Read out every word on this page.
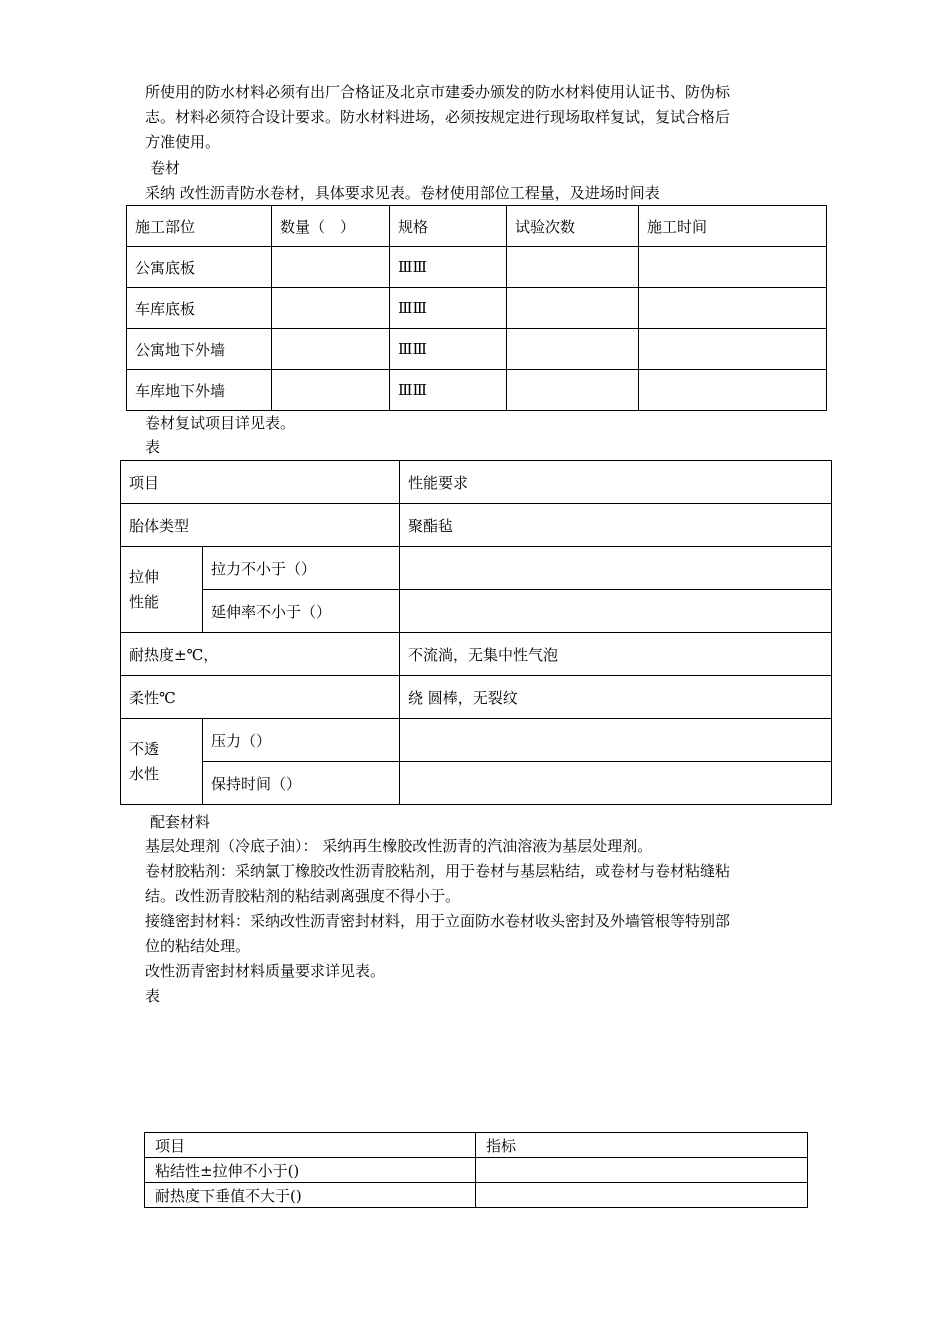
所使用的防水材料必须有出厂合格证及北京市建委办颁发的防水材料使用认证书、防伪标
志。材料必须符合设计要求。防水材料进场，必须按规定进行现场取样复试，复试合格后
方准使用。
卷材
采纳 改性沥青防水卷材，具体要求见表。卷材使用部位工程量，及进场时间表
施工部位	数量（　）	规格	试验次数	施工时间
公寓底板		ⅢⅢ		
车库底板		ⅢⅢ		
公寓地下外墙		ⅢⅢ		
车库地下外墙		ⅢⅢ		
卷材复试项目详见表。
表
项目		性能要求
胎体类型		聚酯毡
拉伸
性能	拉力不小于（）	
	延伸率不小于（）	
耐热度±℃，		不流淌，无集中性气泡
柔性℃		绕 圆棒，无裂纹
不透
水性	压力（）	
	保持时间（）	
配套材料
基层处理剂（冷底子油）： 采纳再生橡胶改性沥青的汽油溶液为基层处理剂。
卷材胶粘剂：采纳氯丁橡胶改性沥青胶粘剂，用于卷材与基层粘结，或卷材与卷材粘缝粘
结。改性沥青胶粘剂的粘结剥离强度不得小于。
接缝密封材料：采纳改性沥青密封材料，用于立面防水卷材收头密封及外墙管根等特别部
位的粘结处理。
改性沥青密封材料质量要求详见表。
表
项目	指标
粘结性±拉伸不小于()	
耐热度下垂值不大于()	
